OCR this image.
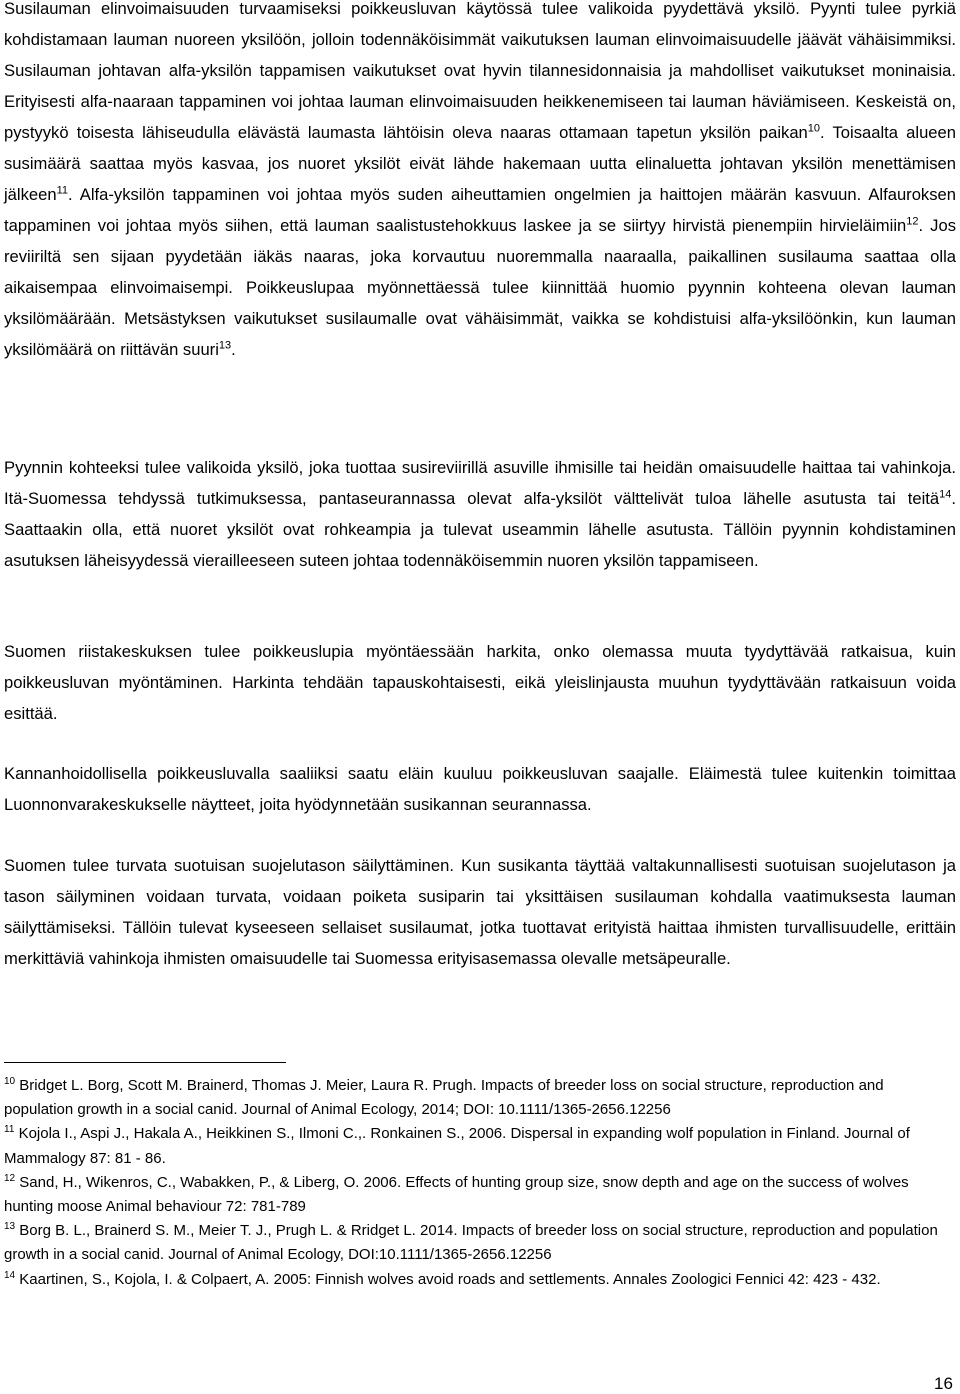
Susilauman elinvoimaisuuden turvaamiseksi poikkeusluvan käytössä tulee valikoida pyydettävä yksilö. Pyynti tulee pyrkiä kohdistamaan lauman nuoreen yksilöön, jolloin todennäköisimmät vaikutuksen lauman elinvoimaisuudelle jäävät vähäisimmiksi. Susilauman johtavan alfa-yksilön tappamisen vaikutukset ovat hyvin tilannesidonnaisia ja mahdolliset vaikutukset moninaisia. Erityisesti alfa-naaraan tappaminen voi johtaa lauman elinvoimaisuuden heikkenemiseen tai lauman häviämiseen. Keskeistä on, pystyykö toisesta lähiseudulla elävästä laumasta lähtöisin oleva naaras ottamaan tapetun yksilön paikan$^{10}$. Toisaalta alueen susimäärä saattaa myös kasvaa, jos nuoret yksilöt eivät lähde hakemaan uutta elinaluetta johtavan yksilön menettämisen jälkeen$^{11}$. Alfa-yksilön tappaminen voi johtaa myös suden aiheuttamien ongelmien ja haittojen määrän kasvuun. Alfauroksen tappaminen voi johtaa myös siihen, että lauman saalistustehokkuus laskee ja se siirtyy hirvistä pienempiin hirvieläimiin$^{12}$. Jos reviiriltä sen sijaan pyydetään iäkäs naaras, joka korvautuu nuoremmalla naaraalla, paikallinen susilauma saattaa olla aikaisempaa elinvoimaisempi. Poikkeuslupaa myönnettäessä tulee kiinnittää huomio pyynnin kohteena olevan lauman yksilömäärään. Metsästyksen vaikutukset susilaumalle ovat vähäisimmät, vaikka se kohdistuisi alfa-yksilöönkin, kun lauman yksilömäärä on riittävän suuri$^{13}$.

Pyynnin kohteeksi tulee valikoida yksilö, joka tuottaa susireviirillä asuville ihmisille tai heidän omaisuudelle haittaa tai vahinkoja. Itä-Suomessa tehdyssä tutkimuksessa, pantaseurannassa olevat alfa-yksilöt välttelivät tuloa lähelle asutusta tai teitä$^{14}$. Saattaakin olla, että nuoret yksilöt ovat rohkeampia ja tulevat useammin lähelle asutusta. Tällöin pyynnin kohdistaminen asutuksen läheisyydessä vierailleeseen suteen johtaa todennäköisemmin nuoren yksilön tappamiseen.

Suomen riistakeskuksen tulee poikkeuslupia myöntäessään harkita, onko olemassa muuta tyydyttävää ratkaisua, kuin poikkeusluvan myöntäminen. Harkinta tehdään tapauskohtaisesti, eikä yleislinjausta muuhun tyydyttävään ratkaisuun voida esittää.

Kannanhoidollisella poikkeusluvalla saaliiksi saatu eläin kuuluu poikkeusluvan saajalle. Eläimestä tulee kuitenkin toimittaa Luonnonvarakeskukselle näytteet, joita hyödynnetään susikannan seurannassa.

Suomen tulee turvata suotuisan suojelutason säilyttäminen. Kun susikanta täyttää valtakunnallisesti suotuisan suojelutason ja tason säilyminen voidaan turvata, voidaan poiketa susiparin tai yksittäisen susilauman kohdalla vaatimuksesta lauman säilyttämiseksi. Tällöin tulevat kyseeseen sellaiset susilaumat, jotka tuottavat erityistä haittaa ihmisten turvallisuudelle, erittäin merkittäviä vahinkoja ihmisten omaisuudelle tai Suomessa erityisasemassa olevalle metsäpeuralle.

$^{10}$ Bridget L. Borg, Scott M. Brainerd, Thomas J. Meier, Laura R. Prugh. Impacts of breeder loss on social structure, reproduction and population growth in a social canid. Journal of Animal Ecology, 2014; DOI: 10.1111/1365-2656.12256

$^{11}$ Kojola I., Aspi J., Hakala A., Heikkinen S., Ilmoni C.,. Ronkainen S., 2006. Dispersal in expanding wolf population in Finland. Journal of Mammalogy 87: 81 - 86.

$^{12}$ Sand, H., Wikenros, C., Wabakken, P., & Liberg, O. 2006. Effects of hunting group size, snow depth and age on the success of wolves hunting moose Animal behaviour 72: 781-789

$^{13}$ Borg B. L., Brainerd S. M., Meier T. J., Prugh L. & Rridget L. 2014. Impacts of breeder loss on social structure, reproduction and population growth in a social canid. Journal of Animal Ecology, DOI:10.1111/1365-2656.12256

$^{14}$ Kaartinen, S., Kojola, I. & Colpaert, A. 2005: Finnish wolves avoid roads and settlements. Annales Zoologici Fennici 42: 423 - 432.

16
